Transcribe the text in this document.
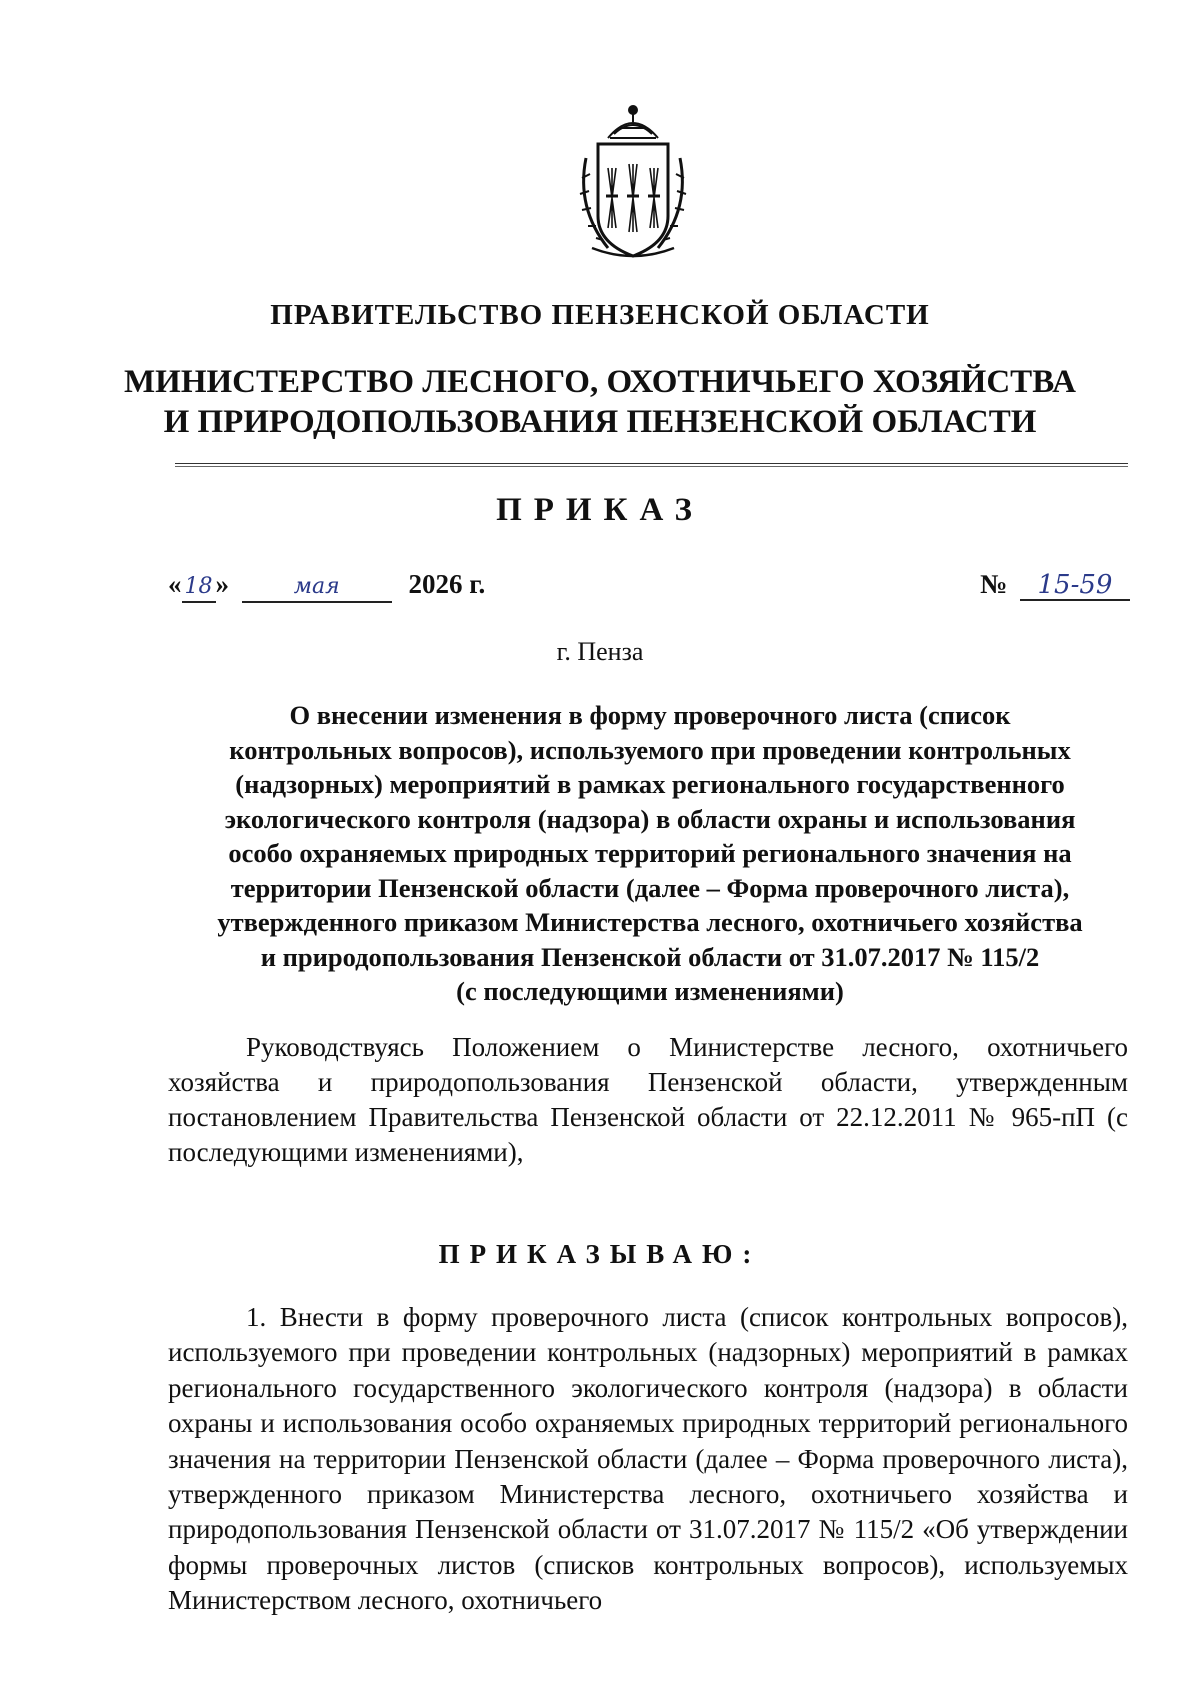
ПРАВИТЕЛЬСТВО ПЕНЗЕНСКОЙ ОБЛАСТИ
МИНИСТЕРСТВО ЛЕСНОГО, ОХОТНИЧЬЕГО ХОЗЯЙСТВА
И ПРИРОДОПОЛЬЗОВАНИЯ ПЕНЗЕНСКОЙ ОБЛАСТИ
ПРИКАЗ
« 18 »	мая	2026 г.	№ 15-59
г. Пенза
О внесении изменения в форму проверочного листа (список
контрольных вопросов), используемого при проведении контрольных
(надзорных) мероприятий в рамках регионального государственного
экологического контроля (надзора) в области охраны и использования
особо охраняемых природных территорий регионального значения на
территории Пензенской области (далее – Форма проверочного листа),
утвержденного приказом Министерства лесного, охотничьего хозяйства
и природопользования Пензенской области от 31.07.2017 № 115/2
(с последующими изменениями)
Руководствуясь Положением о Министерстве лесного, охотничьего хозяйства и природопользования Пензенской области, утвержденным постановлением Правительства Пензенской области от 22.12.2011 № 965-пП (с последующими изменениями),
ПРИКАЗЫВАЮ:
1. Внести в форму проверочного листа (список контрольных вопросов), используемого при проведении контрольных (надзорных) мероприятий в рамках регионального государственного экологического контроля (надзора) в области охраны и использования особо охраняемых природных территорий регионального значения на территории Пензенской области (далее – Форма проверочного листа), утвержденного приказом Министерства лесного, охотничьего хозяйства и природопользования Пензенской области от 31.07.2017 № 115/2 «Об утверждении формы проверочных листов (списков контрольных вопросов), используемых Министерством лесного, охотничьего
